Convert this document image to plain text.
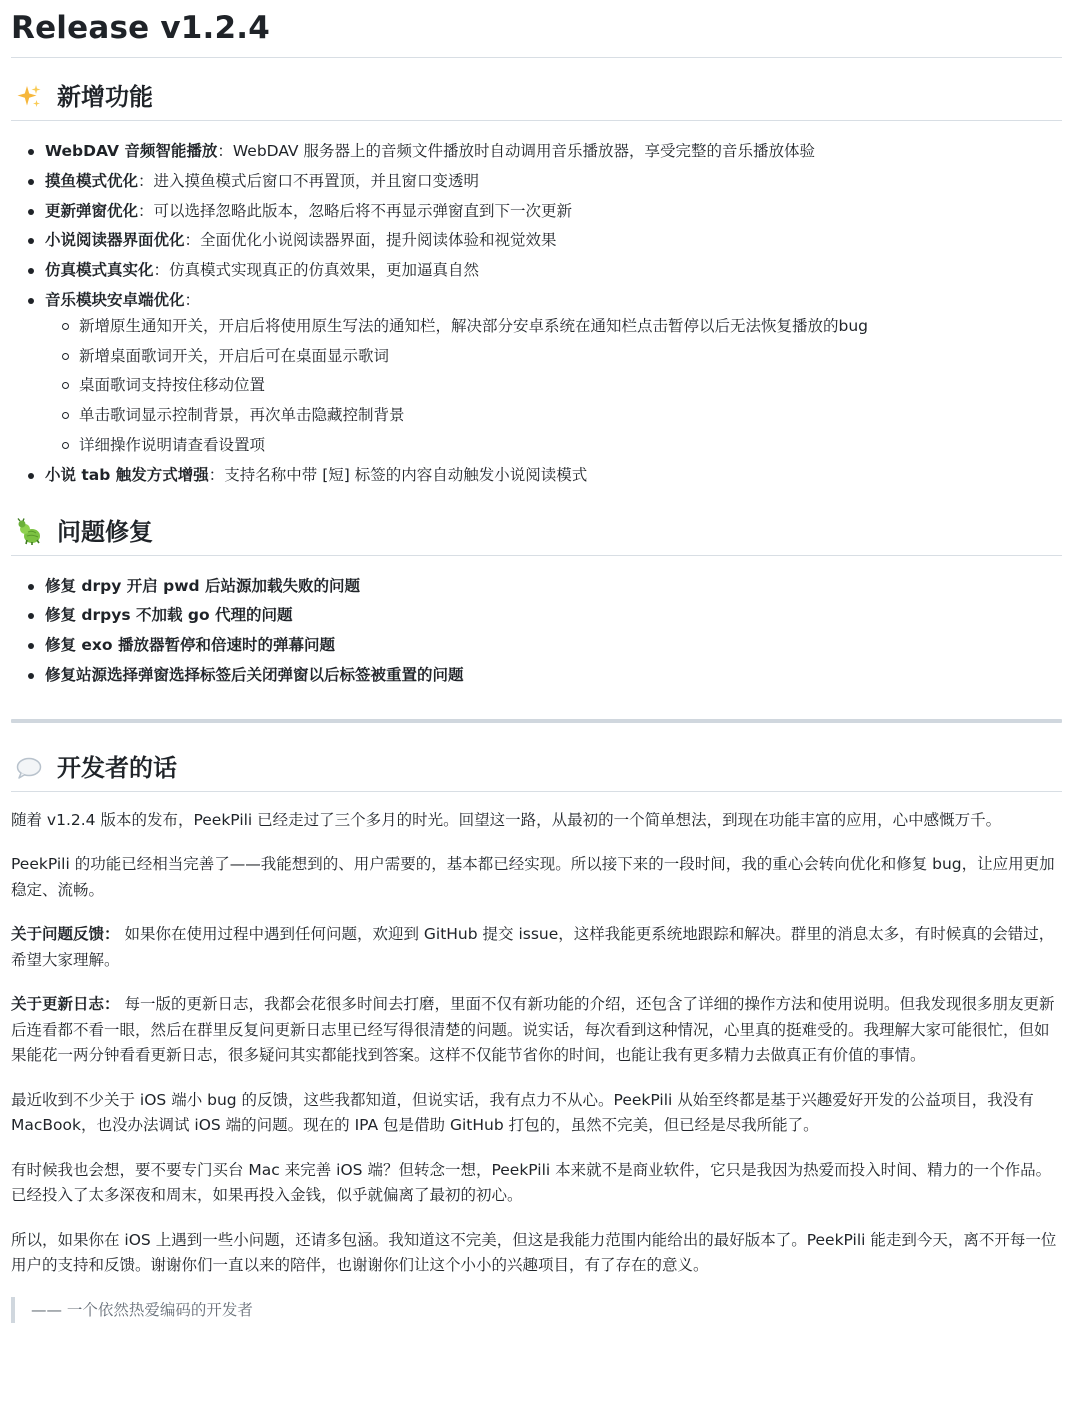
Release v1.2.4
新增功能
WebDAV 音频智能播放：WebDAV 服务器上的音频文件播放时自动调用音乐播放器，享受完整的音乐播放体验
摸鱼模式优化：进入摸鱼模式后窗口不再置顶，并且窗口变透明
更新弹窗优化：可以选择忽略此版本，忽略后将不再显示弹窗直到下一次更新
小说阅读器界面优化：全面优化小说阅读器界面，提升阅读体验和视觉效果
仿真模式真实化：仿真模式实现真正的仿真效果，更加逼真自然
音乐模块安卓端优化：
新增原生通知开关，开启后将使用原生写法的通知栏，解决部分安卓系统在通知栏点击暂停以后无法恢复播放的bug
新增桌面歌词开关，开启后可在桌面显示歌词
桌面歌词支持按住移动位置
单击歌词显示控制背景，再次单击隐藏控制背景
详细操作说明请查看设置项
小说 tab 触发方式增强：支持名称中带 [短] 标签的内容自动触发小说阅读模式
问题修复
修复 drpy 开启 pwd 后站源加载失败的问题
修复 drpys 不加载 go 代理的问题
修复 exo 播放器暂停和倍速时的弹幕问题
修复站源选择弹窗选择标签后关闭弹窗以后标签被重置的问题
开发者的话

随着 v1.2.4 版本的发布，PeekPili 已经走过了三个多月的时光。回望这一路，从最初的一个简单想法，到现在功能丰富的应用，心中感慨万千。

PeekPili 的功能已经相当完善了——我能想到的、用户需要的，基本都已经实现。所以接下来的一段时间，我的重心会转向优化和修复 bug，让应用更加稳定、流畅。

关于问题反馈： 如果你在使用过程中遇到任何问题，欢迎到 GitHub 提交 issue，这样我能更系统地跟踪和解决。群里的消息太多，有时候真的会错过，希望大家理解。

关于更新日志： 每一版的更新日志，我都会花很多时间去打磨，里面不仅有新功能的介绍，还包含了详细的操作方法和使用说明。但我发现很多朋友更新后连看都不看一眼，然后在群里反复问更新日志里已经写得很清楚的问题。说实话，每次看到这种情况，心里真的挺难受的。我理解大家可能很忙，但如果能花一两分钟看看更新日志，很多疑问其实都能找到答案。这样不仅能节省你的时间，也能让我有更多精力去做真正有价值的事情。

最近收到不少关于 iOS 端小 bug 的反馈，这些我都知道，但说实话，我有点力不从心。PeekPili 从始至终都是基于兴趣爱好开发的公益项目，我没有 MacBook，也没办法调试 iOS 端的问题。现在的 IPA 包是借助 GitHub 打包的，虽然不完美，但已经是尽我所能了。

有时候我也会想，要不要专门买台 Mac 来完善 iOS 端？但转念一想，PeekPili 本来就不是商业软件，它只是我因为热爱而投入时间、精力的一个作品。已经投入了太多深夜和周末，如果再投入金钱，似乎就偏离了最初的初心。

所以，如果你在 iOS 上遇到一些小问题，还请多包涵。我知道这不完美，但这是我能力范围内能给出的最好版本了。PeekPili 能走到今天，离不开每一位用户的支持和反馈。谢谢你们一直以来的陪伴，也谢谢你们让这个小小的兴趣项目，有了存在的意义。

—— 一个依然热爱编码的开发者
